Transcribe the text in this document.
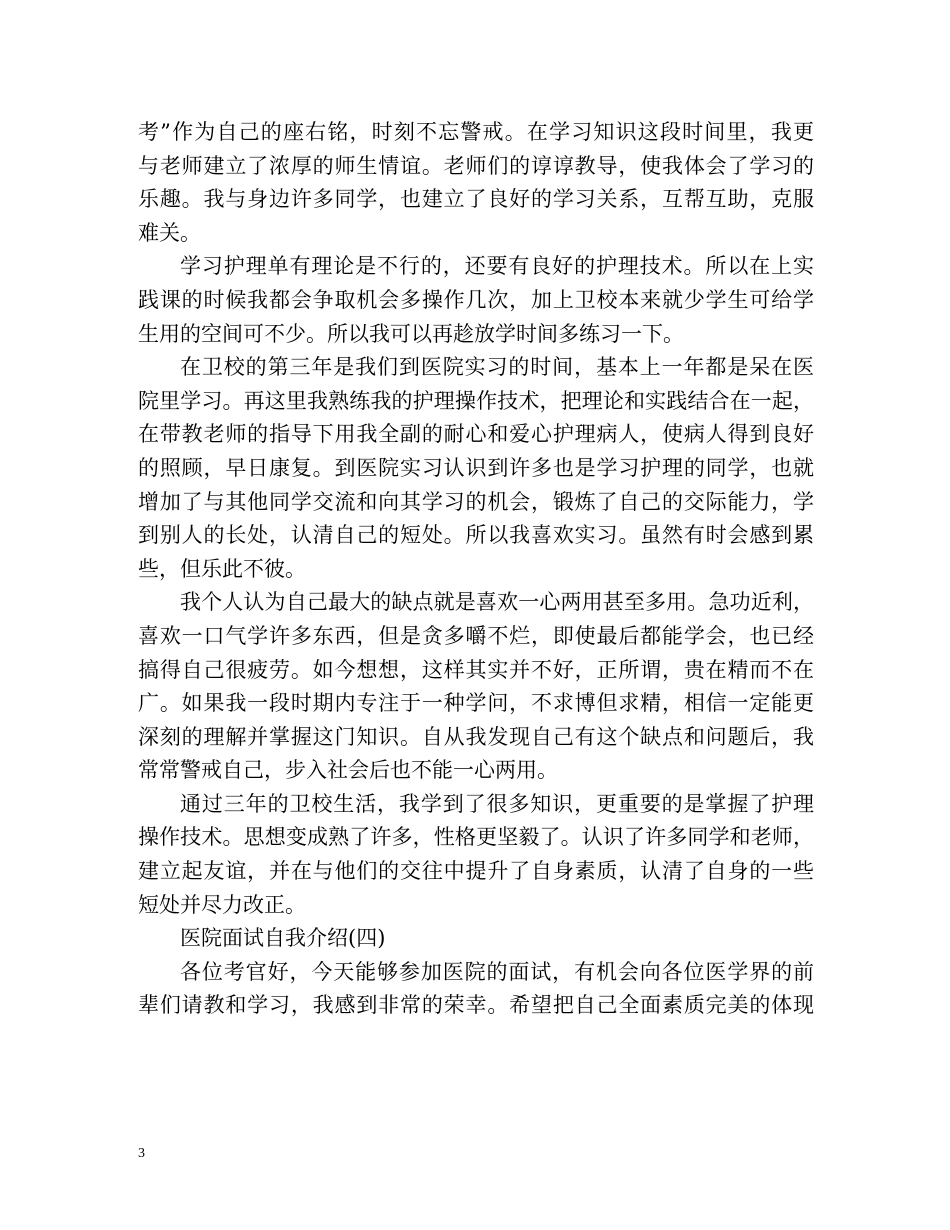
考”作为自己的座右铭，时刻不忘警戒。在学习知识这段时间里，我更
与老师建立了浓厚的师生情谊。老师们的谆谆教导，使我体会了学习的
乐趣。我与身边许多同学，也建立了良好的学习关系，互帮互助，克服
难关。
学习护理单有理论是不行的，还要有良好的护理技术。所以在上实
践课的时候我都会争取机会多操作几次，加上卫校本来就少学生可给学
生用的空间可不少。所以我可以再趁放学时间多练习一下。
在卫校的第三年是我们到医院实习的时间，基本上一年都是呆在医
院里学习。再这里我熟练我的护理操作技术，把理论和实践结合在一起，
在带教老师的指导下用我全副的耐心和爱心护理病人，使病人得到良好
的照顾，早日康复。到医院实习认识到许多也是学习护理的同学，也就
增加了与其他同学交流和向其学习的机会，锻炼了自己的交际能力，学
到别人的长处，认清自己的短处。所以我喜欢实习。虽然有时会感到累
些，但乐此不彼。
我个人认为自己最大的缺点就是喜欢一心两用甚至多用。急功近利，
喜欢一口气学许多东西，但是贪多嚼不烂，即使最后都能学会，也已经
搞得自己很疲劳。如今想想，这样其实并不好，正所谓，贵在精而不在
广。如果我一段时期内专注于一种学问，不求博但求精，相信一定能更
深刻的理解并掌握这门知识。自从我发现自己有这个缺点和问题后，我
常常警戒自己，步入社会后也不能一心两用。
通过三年的卫校生活，我学到了很多知识，更重要的是掌握了护理
操作技术。思想变成熟了许多，性格更坚毅了。认识了许多同学和老师，
建立起友谊，并在与他们的交往中提升了自身素质，认清了自身的一些
短处并尽力改正。
医院面试自我介绍(四)
各位考官好，今天能够参加医院的面试，有机会向各位医学界的前
辈们请教和学习，我感到非常的荣幸。希望把自己全面素质完美的体现
3
